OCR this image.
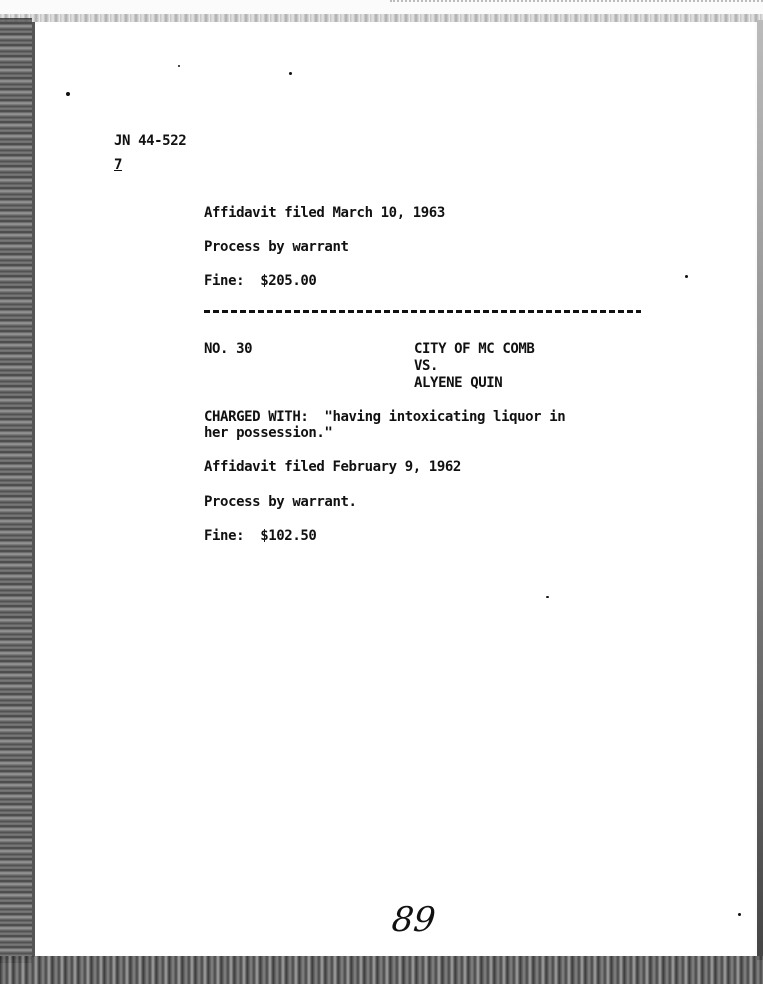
JN 44-522
7
Affidavit filed March 10, 1963
Process by warrant
Fine:  $205.00
NO. 30	CITY OF MC COMB
VS.
ALYENE QUIN
CHARGED WITH:  "having intoxicating liquor in
her possession."
Affidavit filed February 9, 1962
Process by warrant.
Fine:  $102.50
89
